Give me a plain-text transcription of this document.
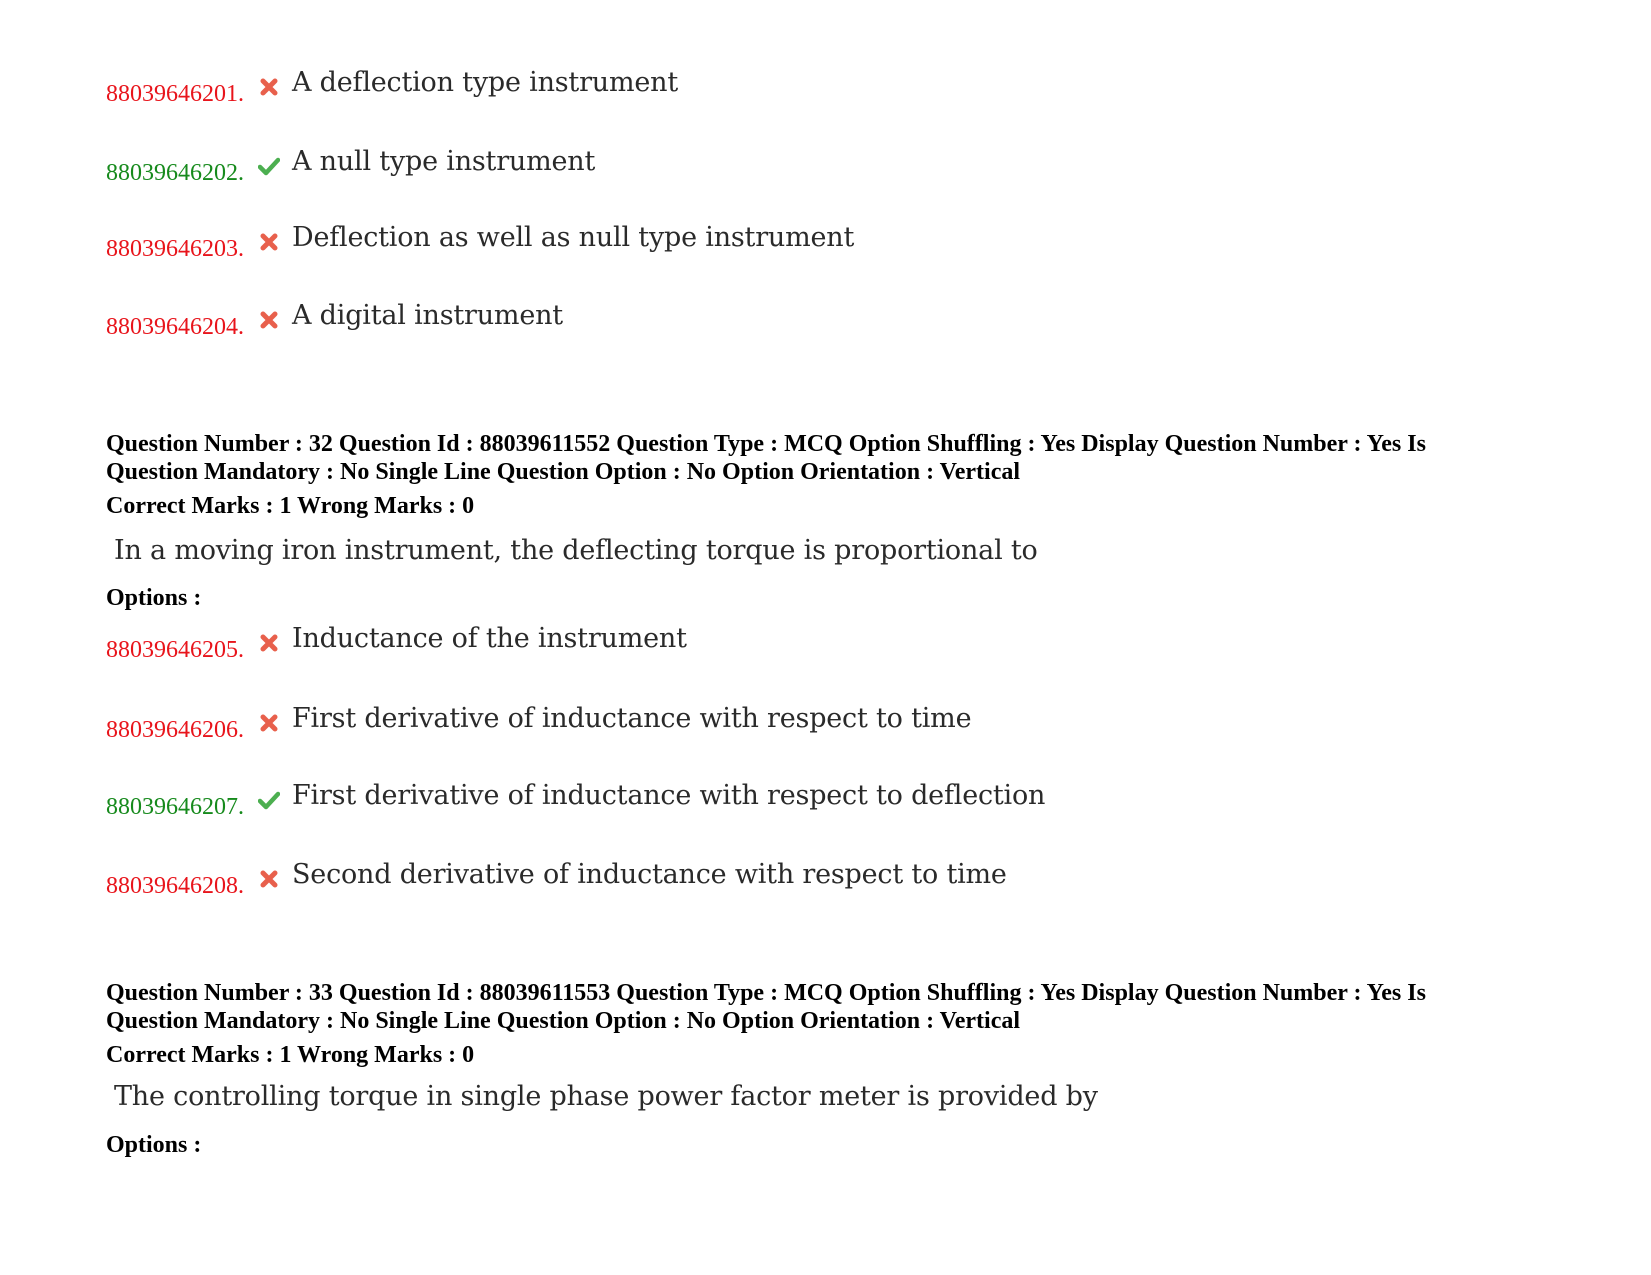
88039646201. A deflection type instrument
88039646202. A null type instrument
88039646203. Deflection as well as null type instrument
88039646204. A digital instrument
Question Number : 32 Question Id : 88039611552 Question Type : MCQ Option Shuffling : Yes Display Question Number : Yes Is
Question Mandatory : No Single Line Question Option : No Option Orientation : Vertical
Correct Marks : 1 Wrong Marks : 0
In a moving iron instrument, the deflecting torque is proportional to
Options :
88039646205. Inductance of the instrument
88039646206. First derivative of inductance with respect to time
88039646207. First derivative of inductance with respect to deflection
88039646208. Second derivative of inductance with respect to time
Question Number : 33 Question Id : 88039611553 Question Type : MCQ Option Shuffling : Yes Display Question Number : Yes Is
Question Mandatory : No Single Line Question Option : No Option Orientation : Vertical
Correct Marks : 1 Wrong Marks : 0
The controlling torque in single phase power factor meter is provided by
Options :
